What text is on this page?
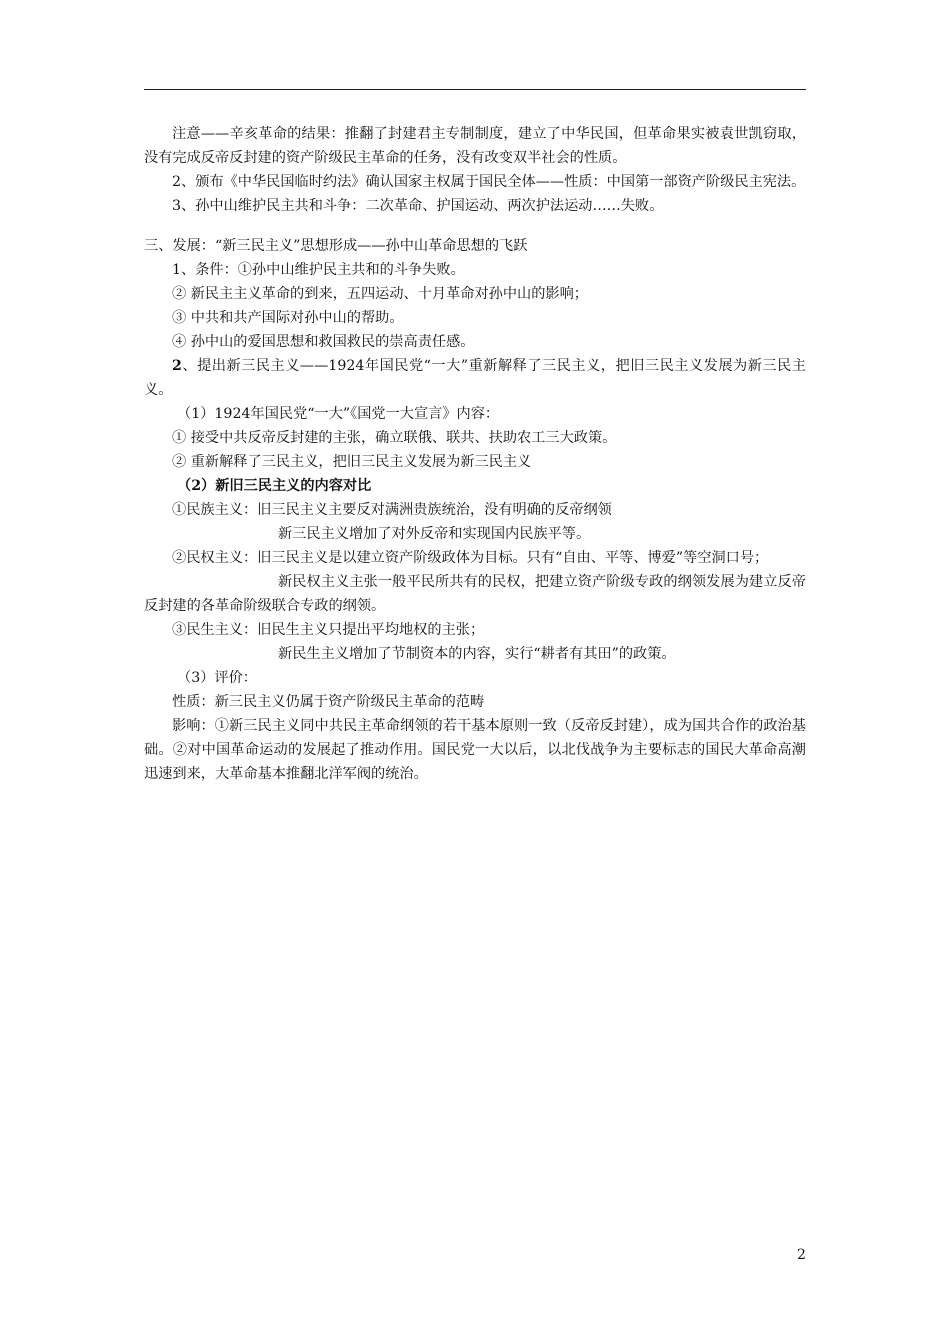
注意——辛亥革命的结果：推翻了封建君主专制制度，建立了中华民国，但革命果实被袁世凯窃取，没有完成反帝反封建的资产阶级民主革命的任务，没有改变双半社会的性质。

2、颁布《中华民国临时约法》确认国家主权属于国民全体——性质：中国第一部资产阶级民主宪法。

3、孙中山维护民主共和斗争：二次革命、护国运动、两次护法运动……失败。

三、发展：“新三民主义”思想形成——孙中山革命思想的飞跃

1、条件：①孙中山维护民主共和的斗争失败。

② 新民主主义革命的到来，五四运动、十月革命对孙中山的影响；

③ 中共和共产国际对孙中山的帮助。

④ 孙中山的爱国思想和救国救民的崇高责任感。

2、提出新三民主义——1924年国民党“一大”重新解释了三民主义，把旧三民主义发展为新三民主义。

（1）1924年国民党“一大”《国党一大宣言》内容：

① 接受中共反帝反封建的主张，确立联俄、联共、扶助农工三大政策。

② 重新解释了三民主义，把旧三民主义发展为新三民主义

（2）新旧三民主义的内容对比

①民族主义：旧三民主义主要反对满洲贵族统治，没有明确的反帝纲领

新三民主义增加了对外反帝和实现国内民族平等。

②民权主义：旧三民主义是以建立资产阶级政体为目标。只有“自由、平等、博爱”等空洞口号；

新民权主义主张一般平民所共有的民权，把建立资产阶级专政的纲领发展为建立反帝反封建的各革命阶级联合专政的纲领。

③民生主义：旧民生主义只提出平均地权的主张；

新民生主义增加了节制资本的内容，实行“耕者有其田”的政策。

（3）评价：

性质：新三民主义仍属于资产阶级民主革命的范畴

影响：①新三民主义同中共民主革命纲领的若干基本原则一致（反帝反封建），成为国共合作的政治基础。②对中国革命运动的发展起了推动作用。国民党一大以后，以北伐战争为主要标志的国民大革命高潮迅速到来，大革命基本推翻北洋军阀的统治。

2
